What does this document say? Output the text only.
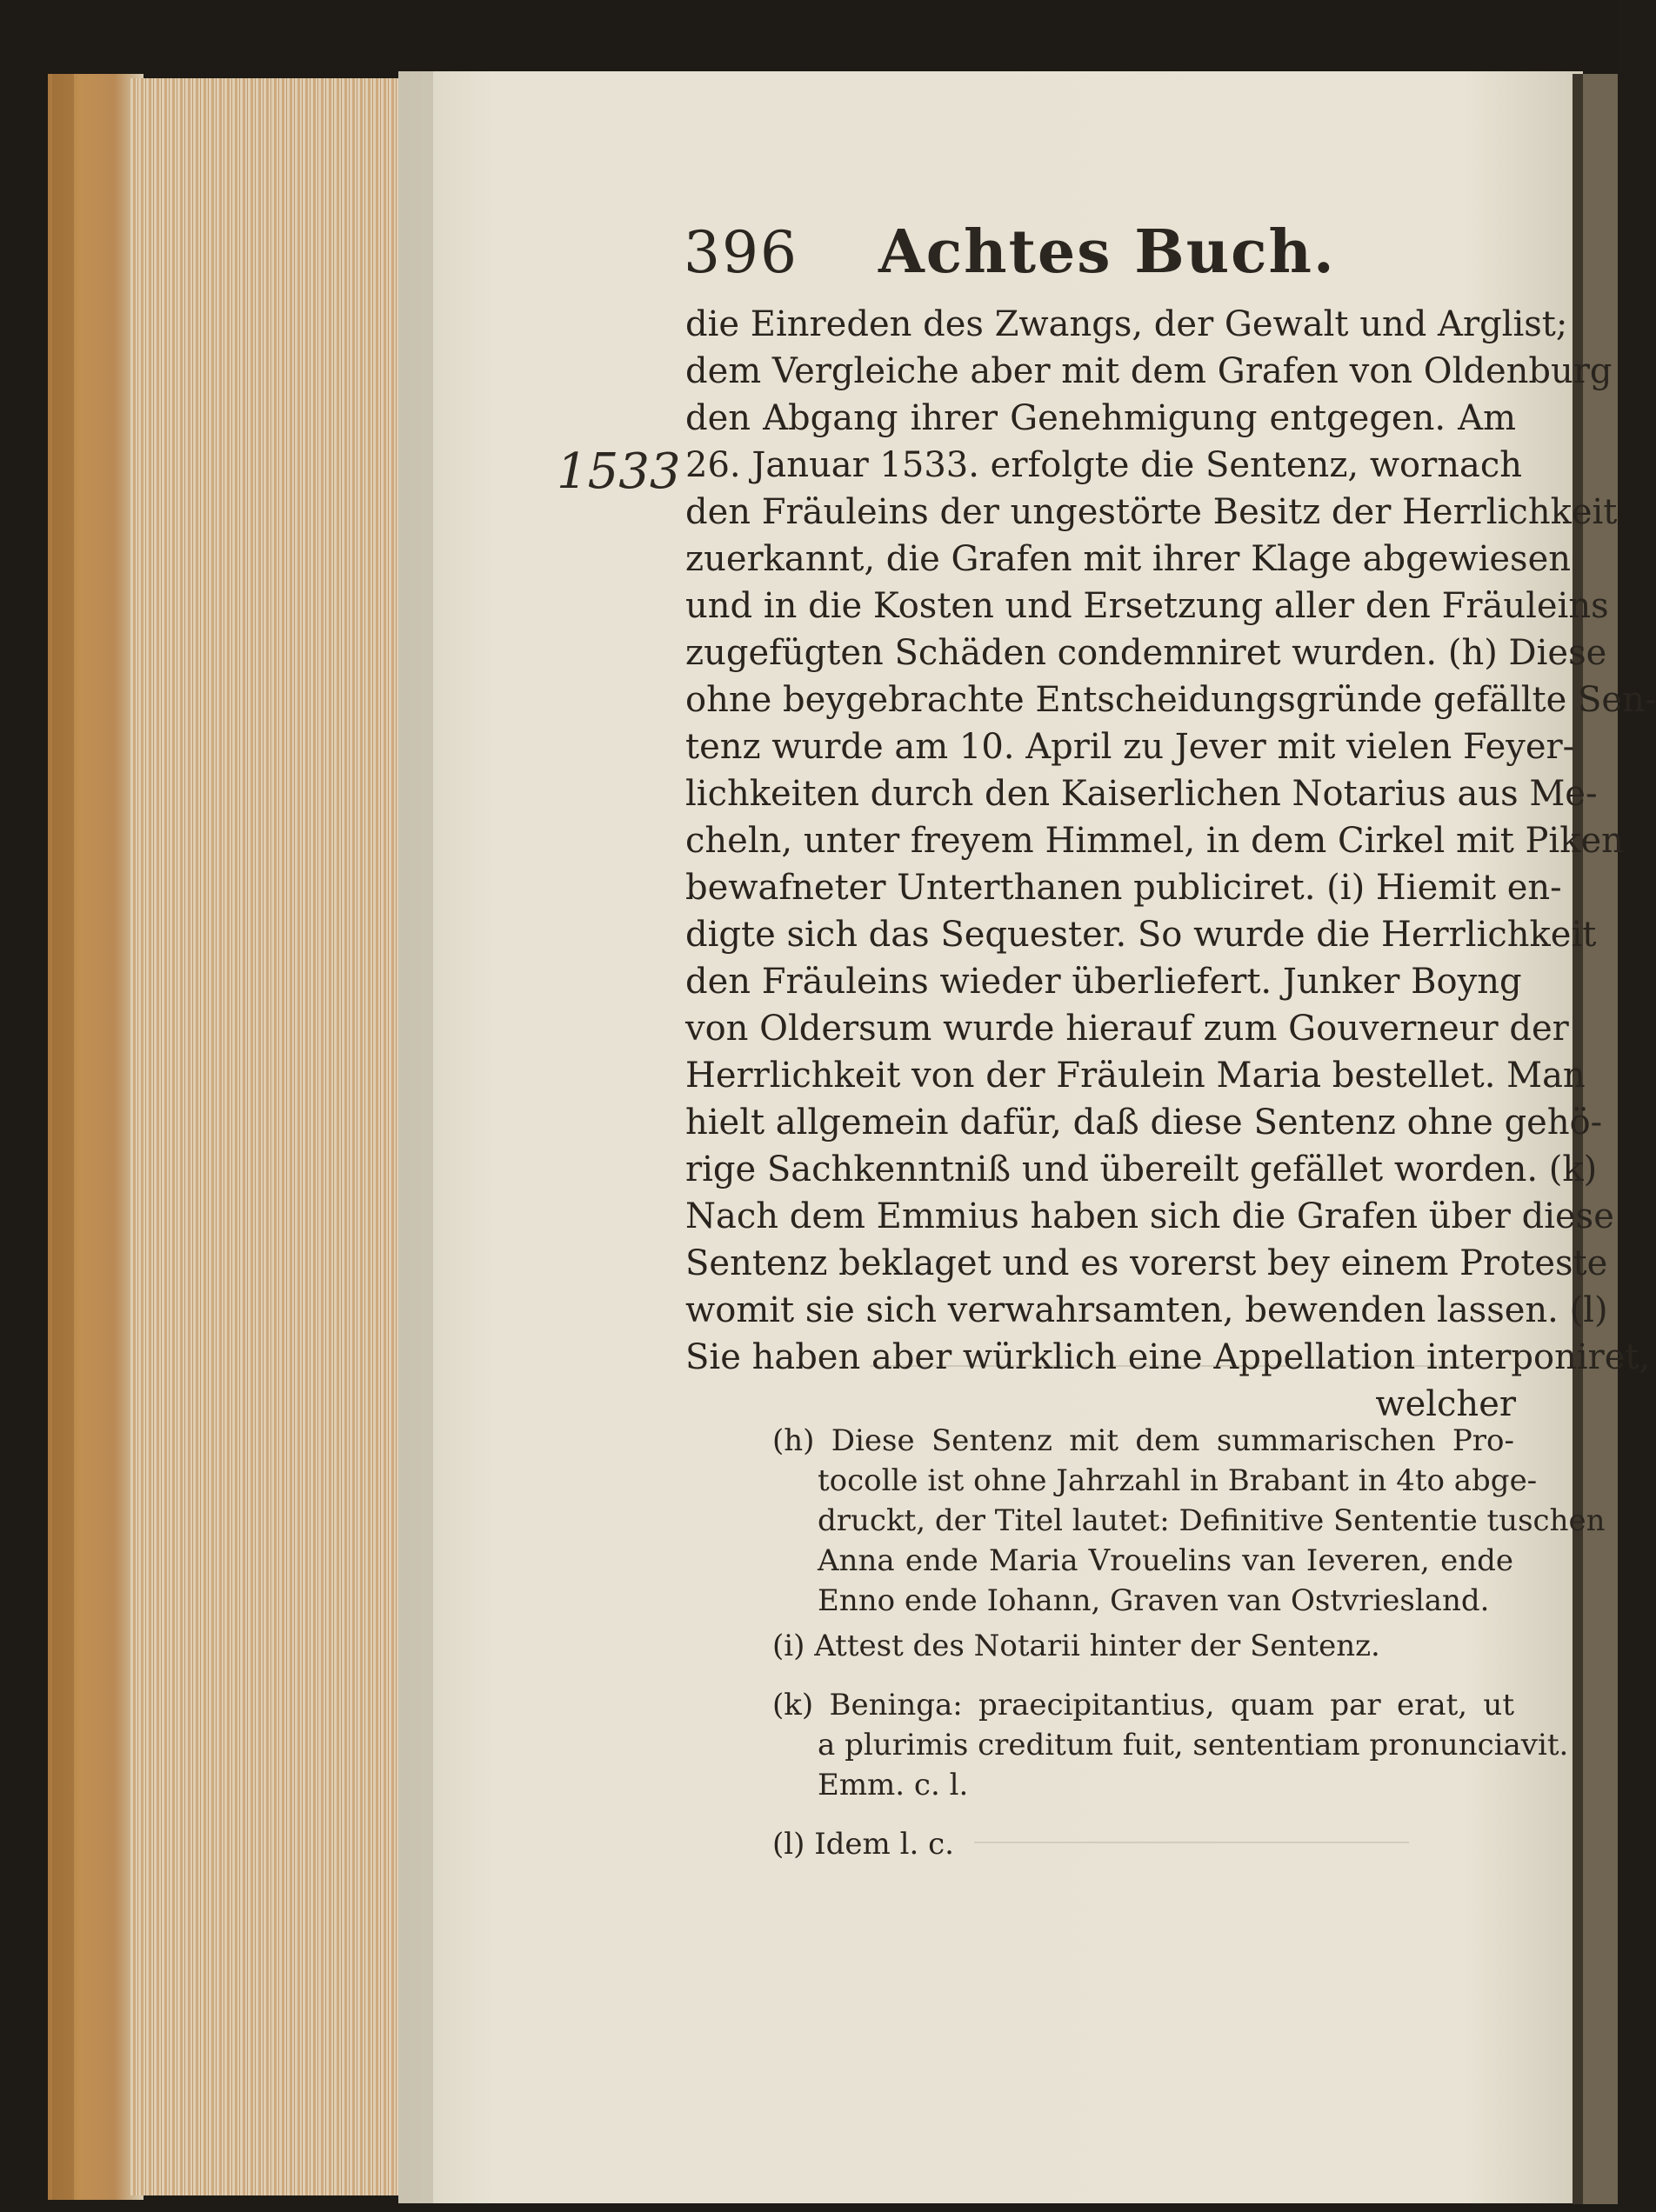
396 Achtes Buch.
1533
die Einreden des Zwangs, der Gewalt und Arglist;
dem Vergleiche aber mit dem Grafen von Oldenburg
den Abgang ihrer Genehmigung entgegen. Am
26. Januar 1533. erfolgte die Sentenz, wornach
den Fräuleins der ungestörte Besitz der Herrlichkeit
zuerkannt, die Grafen mit ihrer Klage abgewiesen
und in die Kosten und Ersetzung aller den Fräuleins
zugefügten Schäden condemniret wurden. (h) Diese
ohne beygebrachte Entscheidungsgründe gefällte Sen-
tenz wurde am 10. April zu Jever mit vielen Feyer-
lichkeiten durch den Kaiserlichen Notarius aus Me-
cheln, unter freyem Himmel, in dem Cirkel mit Piken
bewafneter Unterthanen publiciret. (i) Hiemit en-
digte sich das Sequester. So wurde die Herrlichkeit
den Fräuleins wieder überliefert. Junker Boyng
von Oldersum wurde hierauf zum Gouverneur der
Herrlichkeit von der Fräulein Maria bestellet. Man
hielt allgemein dafür, daß diese Sentenz ohne gehö-
rige Sachkenntniß und übereilt gefället worden. (k)
Nach dem Emmius haben sich die Grafen über diese
Sentenz beklaget und es vorerst bey einem Proteste
womit sie sich verwahrsamten, bewenden lassen. (l)
Sie haben aber würklich eine Appellation interponiret,
welcher
(h) Diese Sentenz mit dem summarischen Pro-
tocolle ist ohne Jahrzahl in Brabant in 4to abge-
druckt, der Titel lautet: Definitive Sententie tuschen
Anna ende Maria Vrouelins van Ieveren, ende
Enno ende Iohann, Graven van Ostvriesland.
(i) Attest des Notarii hinter der Sentenz.
(k) Beninga: praecipitantius, quam par erat, ut
a plurimis creditum fuit, sententiam pronunciavit.
Emm. c. l.
(l) Idem l. c.
